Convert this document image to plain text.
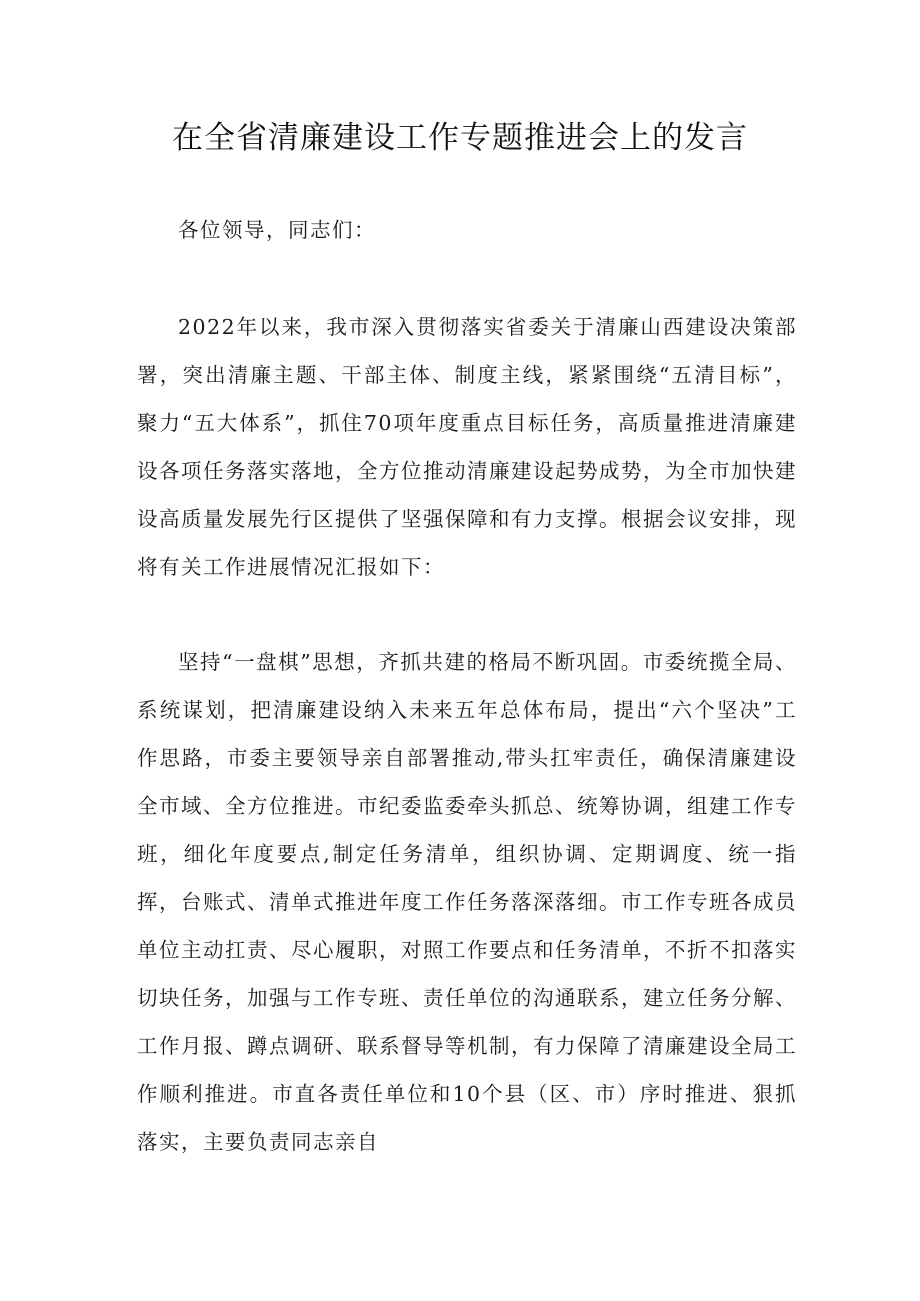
在全省清廉建设工作专题推进会上的发言

各位领导，同志们：

2022年以来，我市深入贯彻落实省委关于清廉山西建设决策部署，突出清廉主题、干部主体、制度主线，紧紧围绕“五清目标”，聚力“五大体系”，抓住70项年度重点目标任务，高质量推进清廉建设各项任务落实落地，全方位推动清廉建设起势成势，为全市加快建设高质量发展先行区提供了坚强保障和有力支撑。根据会议安排，现将有关工作进展情况汇报如下：

坚持“一盘棋”思想，齐抓共建的格局不断巩固。市委统揽全局、系统谋划，把清廉建设纳入未来五年总体布局，提出“六个坚决”工作思路，市委主要领导亲自部署推动,带头扛牢责任，确保清廉建设全市域、全方位推进。市纪委监委牵头抓总、统筹协调，组建工作专班，细化年度要点,制定任务清单，组织协调、定期调度、统一指挥，台账式、清单式推进年度工作任务落深落细。市工作专班各成员单位主动扛责、尽心履职，对照工作要点和任务清单，不折不扣落实切块任务，加强与工作专班、责任单位的沟通联系，建立任务分解、工作月报、蹲点调研、联系督导等机制，有力保障了清廉建设全局工作顺利推进。市直各责任单位和10个县（区、市）序时推进、狠抓落实，主要负责同志亲自
